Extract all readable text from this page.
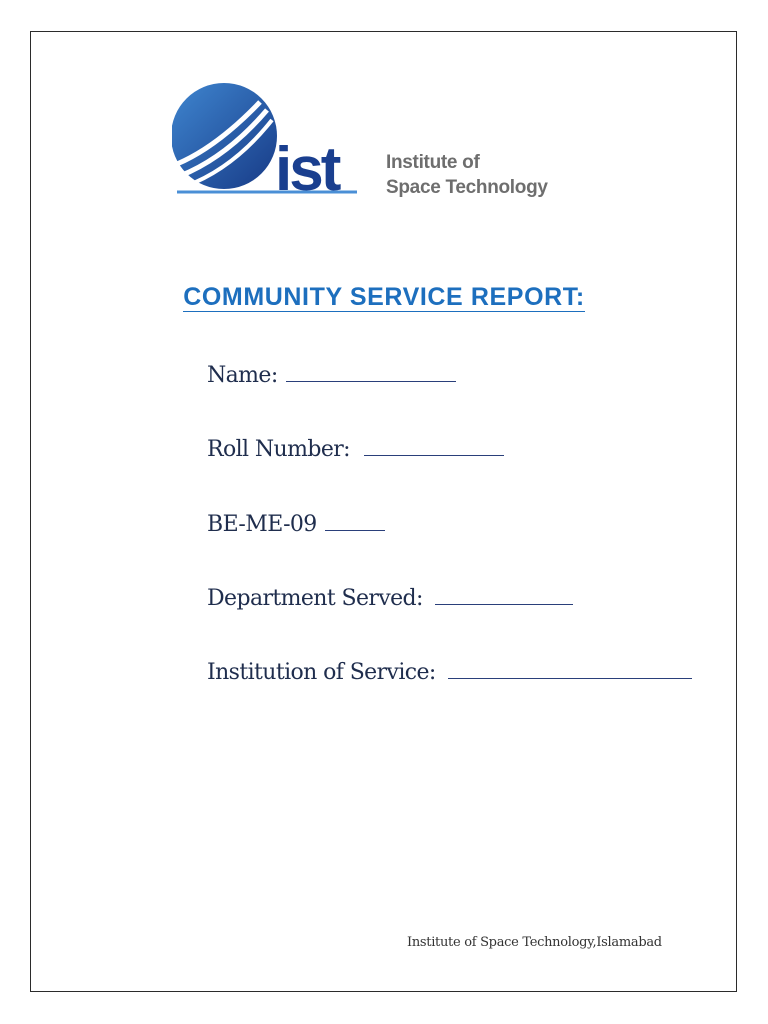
ist	Institute of
Space Technology
COMMUNITY SERVICE REPORT:
Name:
Roll Number:
BE-ME-09
Department Served:
Institution of Service:
Institute of Space Technology,Islamabad
